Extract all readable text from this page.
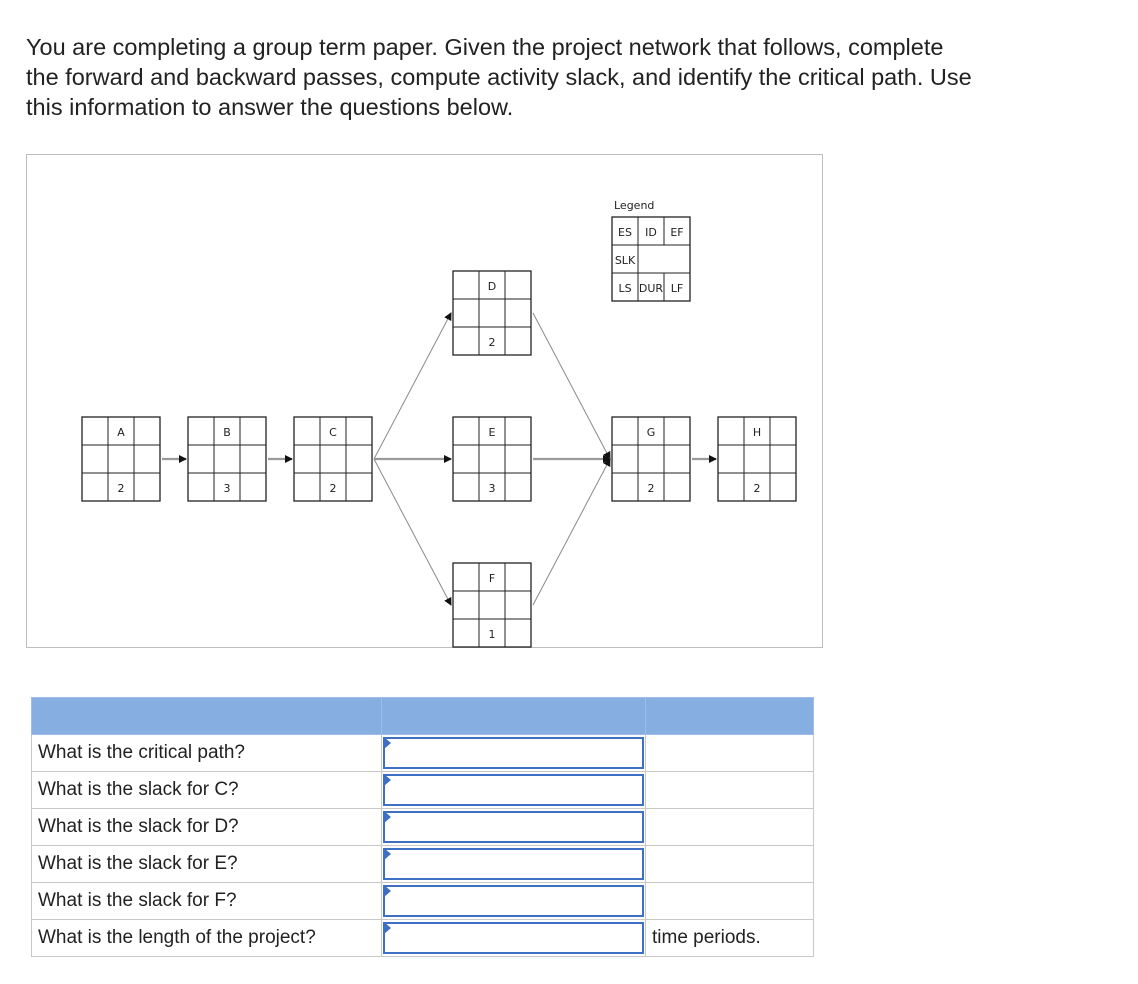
You are completing a group term paper. Given the project network that follows, complete
the forward and backward passes, compute activity slack, and identify the critical path. Use
this information to answer the questions below.

A
2
B
3
C
2
D
2
E
3
F
1
G
2
H
2
Legend
ES ID EF
SLK
LS DUR LF

What is the critical path?	

What is the slack for C?	

What is the slack for D?	

What is the slack for E?	

What is the slack for F?	

What is the length of the project?		time periods.
